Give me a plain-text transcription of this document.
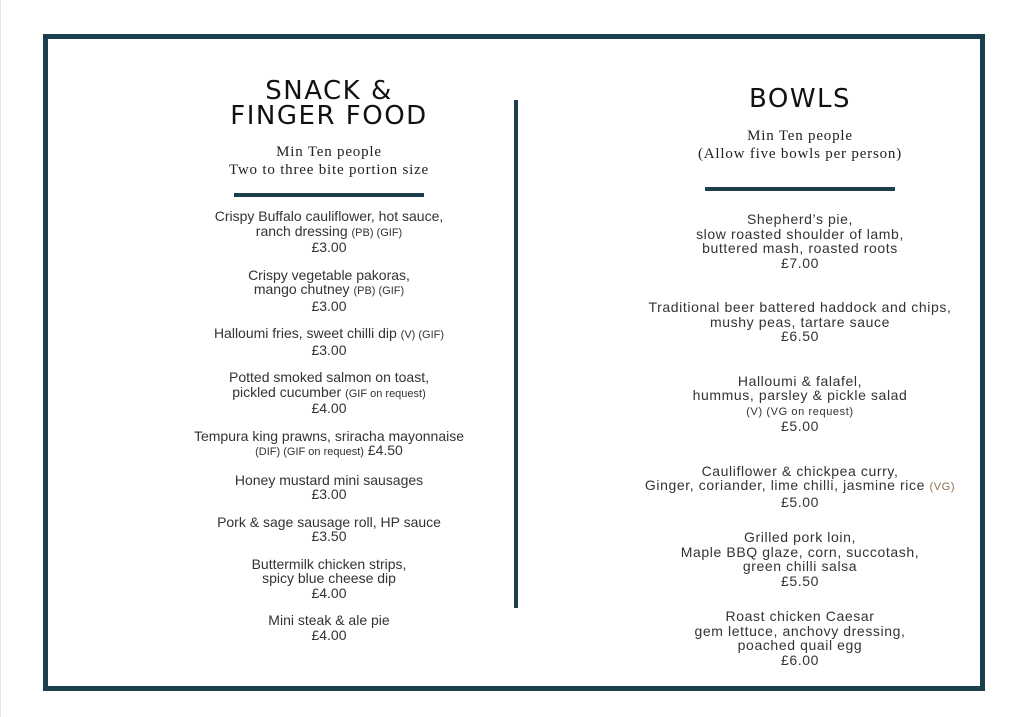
SNACK &
FINGER FOOD
Min Ten people
Two to three bite portion size
Crispy Buffalo cauliflower, hot sauce,
ranch dressing (PB) (GIF)
£3.00
Crispy vegetable pakoras,
mango chutney (PB) (GIF)
£3.00
Halloumi fries, sweet chilli dip (V) (GIF)
£3.00
Potted smoked salmon on toast,
pickled cucumber (GIF on request)
£4.00
Tempura king prawns, sriracha mayonnaise
(DIF) (GIF on request) £4.50
Honey mustard mini sausages
£3.00
Pork & sage sausage roll, HP sauce
£3.50
Buttermilk chicken strips,
spicy blue cheese dip
£4.00
Mini steak & ale pie
£4.00
BOWLS
Min Ten people
(Allow five bowls per person)
Shepherd’s pie,
slow roasted shoulder of lamb,
buttered mash, roasted roots
£7.00
Traditional beer battered haddock and chips,
mushy peas, tartare sauce
£6.50
Halloumi & falafel,
hummus, parsley & pickle salad
(V) (VG on request)
£5.00
Cauliflower & chickpea curry,
Ginger, coriander, lime chilli, jasmine rice (VG)
£5.00
Grilled pork loin,
Maple BBQ glaze, corn, succotash,
green chilli salsa
£5.50
Roast chicken Caesar
gem lettuce, anchovy dressing,
poached quail egg
£6.00
